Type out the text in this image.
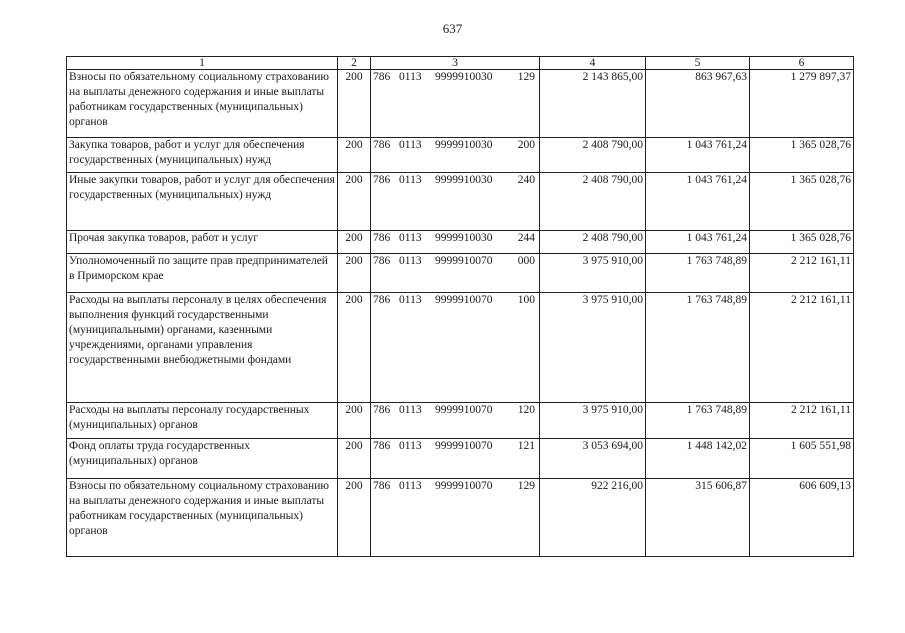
637
1	2	3	4	5	6
Взносы по обязательному социальному страхованию на выплаты денежного содержания и иные выплаты работникам государственных (муниципальных) органов	200	786 0113 9999910030 129	2 143 865,00	863 967,63	1 279 897,37
Закупка товаров, работ и услуг для обеспечения государственных (муниципальных) нужд	200	786 0113 9999910030 200	2 408 790,00	1 043 761,24	1 365 028,76
Иные закупки товаров, работ и услуг для обеспечения государственных (муниципальных) нужд	200	786 0113 9999910030 240	2 408 790,00	1 043 761,24	1 365 028,76
Прочая закупка товаров, работ и услуг	200	786 0113 9999910030 244	2 408 790,00	1 043 761,24	1 365 028,76
Уполномоченный по защите прав предпринимателей в Приморском крае	200	786 0113 9999910070 000	3 975 910,00	1 763 748,89	2 212 161,11
Расходы на выплаты персоналу в целях обеспечения выполнения функций государственными (муниципальными) органами, казенными учреждениями, органами управления государственными внебюджетными фондами	200	786 0113 9999910070 100	3 975 910,00	1 763 748,89	2 212 161,11
Расходы на выплаты персоналу государственных (муниципальных) органов	200	786 0113 9999910070 120	3 975 910,00	1 763 748,89	2 212 161,11
Фонд оплаты труда государственных (муниципальных) органов	200	786 0113 9999910070 121	3 053 694,00	1 448 142,02	1 605 551,98
Взносы по обязательному социальному страхованию на выплаты денежного содержания и иные выплаты работникам государственных (муниципальных) органов	200	786 0113 9999910070 129	922 216,00	315 606,87	606 609,13
